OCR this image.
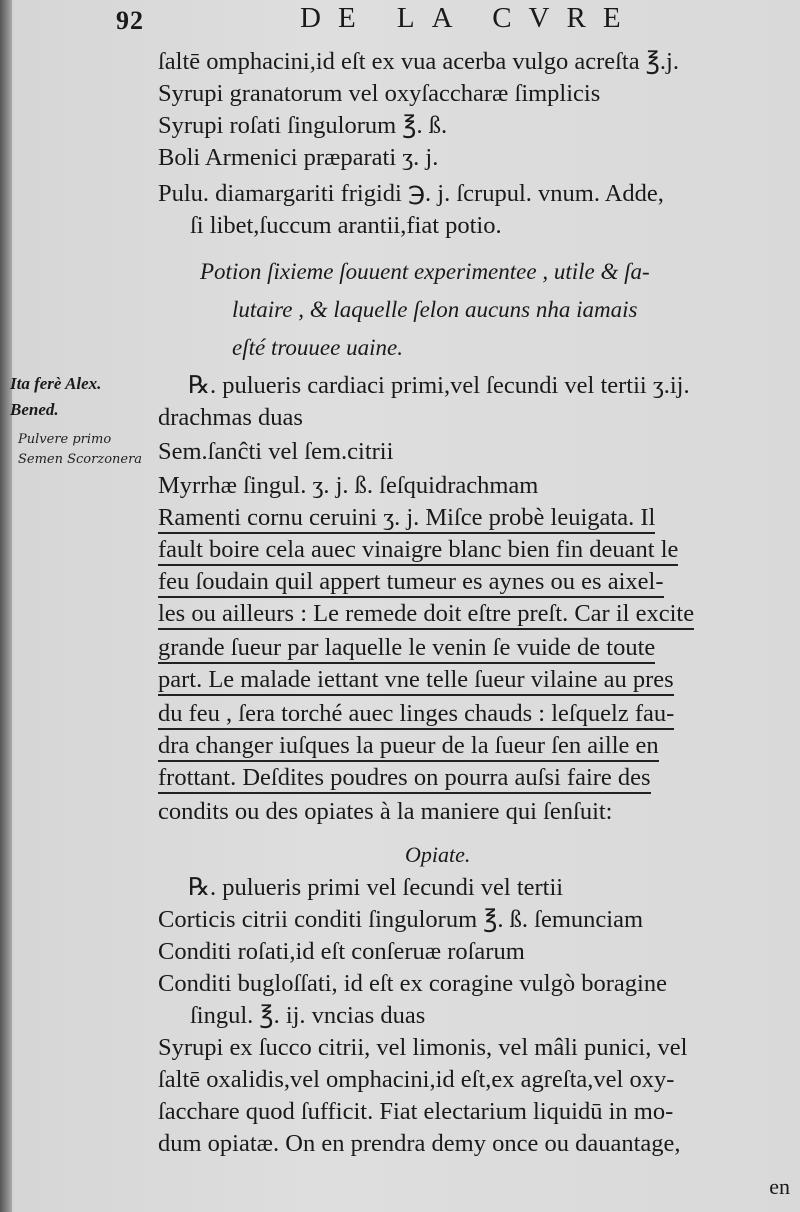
92	DE LA CVRE
Ita ferè Alex.
Bened.
Pulvere primo
Semen Scorzonera
ſaltē omphacini,id eſt ex vua acerba vulgo acreſta ℥.j.
Syrupi granatorum vel oxyſaccharæ ſimplicis
Syrupi roſati ſingulorum ℥. ß.
Boli Armenici præparati ʒ. j.
Pulu. diamargariti frigidi ℈. j. ſcrupul. vnum. Adde,
ſi libet,ſuccum arantii,fiat potio.
Potion ſixieme ſouuent experimentee , utile & ſa-
lutaire , & laquelle ſelon aucuns nha iamais
eſté trouuee uaine.
℞. pulueris cardiaci primi,vel ſecundi vel tertii ʒ.ij.
drachmas duas
Sem.ſanĉti vel ſem.citrii
Myrrhæ ſingul. ʒ. j. ß. ſeſquidrachmam
Ramenti cornu ceruini ʒ. j. Miſce probè leuigata. Il
fault boire cela auec vinaigre blanc bien fin deuant le
feu ſoudain quil appert tumeur es aynes ou es aixel-
les ou ailleurs : Le remede doit eſtre preſt. Car il excite
grande ſueur par laquelle le venin ſe vuide de toute
part. Le malade iettant vne telle ſueur vilaine au pres
du feu , ſera torché auec linges chauds : leſquelz fau-
dra changer iuſques la pueur de la ſueur ſen aille en
frottant. Deſdites poudres on pourra auſsi faire des
condits ou des opiates à la maniere qui ſenſuit:
Opiate.
℞. pulueris primi vel ſecundi vel tertii
Corticis citrii conditi ſingulorum ℥. ß. ſemunciam
Conditi roſati,id eſt conſeruæ roſarum
Conditi bugloſſati, id eſt ex coragine vulgò boragine
ſingul. ℥. ij. vncias duas
Syrupi ex ſucco citrii, vel limonis, vel mâli punici, vel
ſaltē oxalidis,vel omphacini,id eſt,ex agreſta,vel oxy-
ſacchare quod ſufficit. Fiat electarium liquidū in mo-
dum opiatæ. On en prendra demy once ou dauantage,
en
